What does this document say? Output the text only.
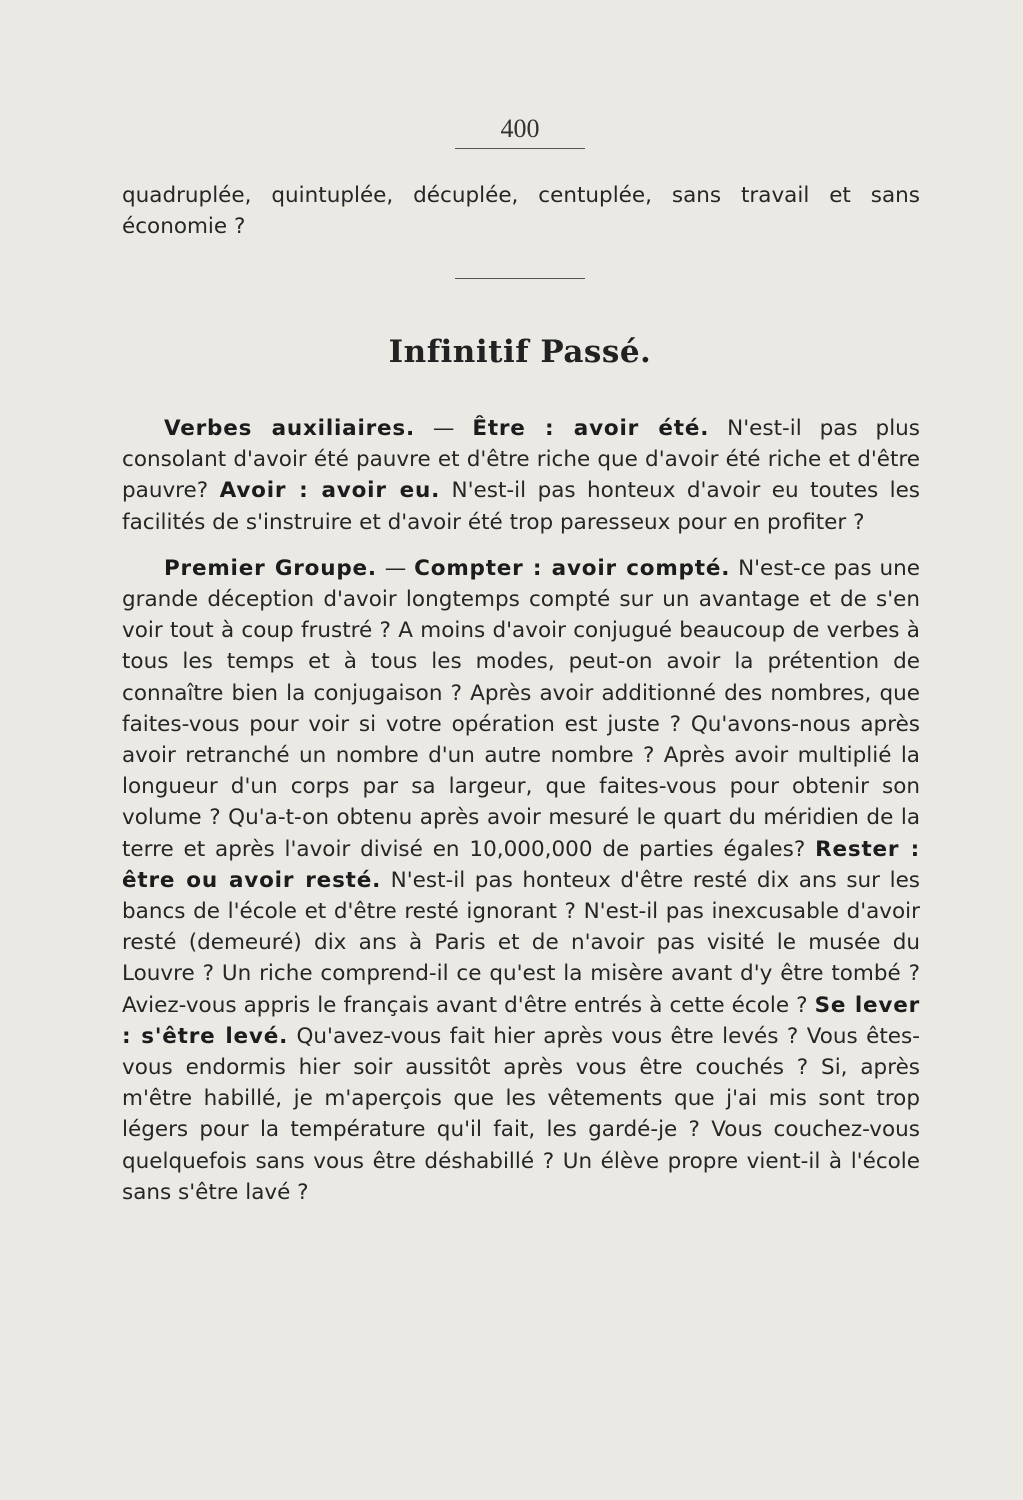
400

quadruplée, quintuplée, décuplée, centuplée, sans travail et sans économie ?

Infinitif Passé.

Verbes auxiliaires. — Être : avoir été. N'est-il pas plus consolant d'avoir été pauvre et d'être riche que d'avoir été riche et d'être pauvre? Avoir : avoir eu. N'est-il pas honteux d'avoir eu toutes les facilités de s'instruire et d'avoir été trop paresseux pour en profiter ?

Premier Groupe. — Compter : avoir compté. N'est-ce pas une grande déception d'avoir longtemps compté sur un avantage et de s'en voir tout à coup frustré ? A moins d'avoir conjugué beaucoup de verbes à tous les temps et à tous les modes, peut-on avoir la prétention de connaître bien la conjugaison ? Après avoir additionné des nombres, que faites-vous pour voir si votre opération est juste ? Qu'avons-nous après avoir retranché un nombre d'un autre nombre ? Après avoir multiplié la longueur d'un corps par sa largeur, que faites-vous pour obtenir son volume ? Qu'a-t-on obtenu après avoir mesuré le quart du méridien de la terre et après l'avoir divisé en 10,000,000 de parties égales? Rester : être ou avoir resté. N'est-il pas honteux d'être resté dix ans sur les bancs de l'école et d'être resté ignorant ? N'est-il pas inexcusable d'avoir resté (demeuré) dix ans à Paris et de n'avoir pas visité le musée du Louvre ? Un riche comprend-il ce qu'est la misère avant d'y être tombé ? Aviez-vous appris le français avant d'être entrés à cette école ? Se lever : s'être levé. Qu'avez-vous fait hier après vous être levés ? Vous êtes-vous endormis hier soir aussitôt après vous être couchés ? Si, après m'être habillé, je m'aperçois que les vêtements que j'ai mis sont trop légers pour la température qu'il fait, les gardé-je ? Vous couchez-vous quelquefois sans vous être déshabillé ? Un élève propre vient-il à l'école sans s'être lavé ?
